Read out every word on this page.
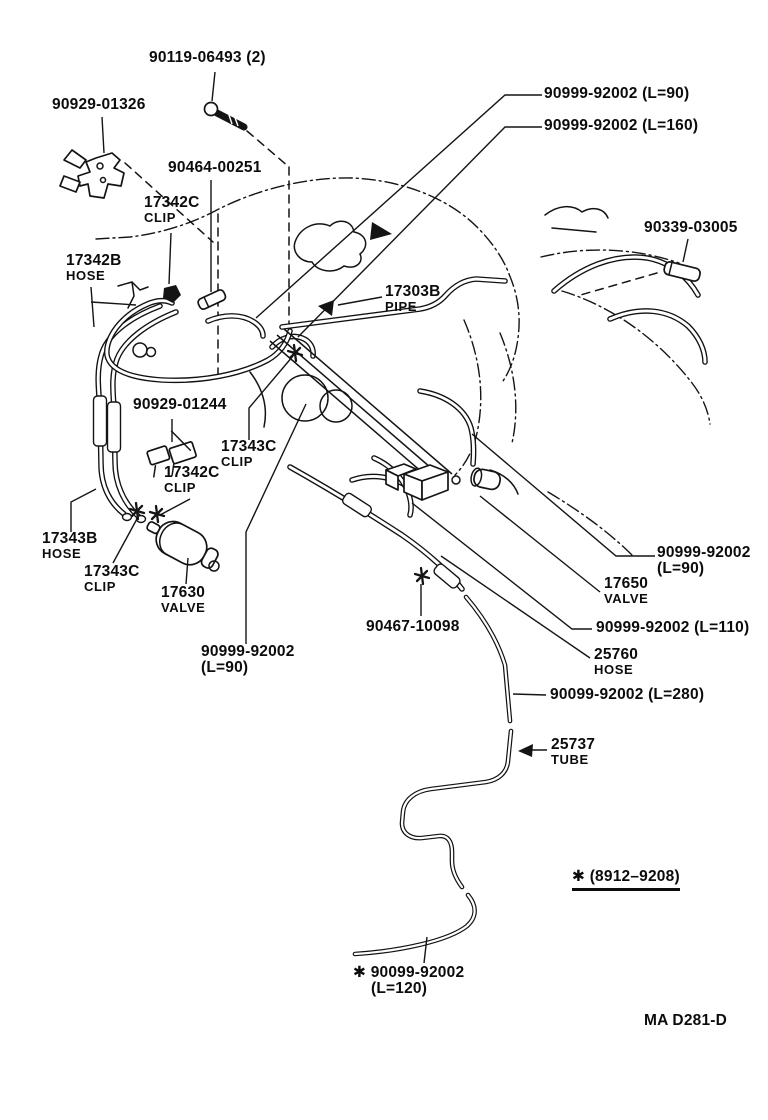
90119-06493 (2)
90929-01326
90464-00251
17342C
CLIP
17342B
HOSE
90999-92002 (L=90)
90999-92002 (L=160)
90339-03005
17303B
PIPE
90929-01244
17343C
CLIP
17342C
CLIP
17343B
HOSE
17343C
CLIP	17630
VALVE
90999-92002
(L=90)
90999-92002
(L=90)
17650
VALVE
90999-92002 (L=110)
25760
HOSE
90467-10098
90099-92002 (L=280)
25737
TUBE
✱ (8912–9208)
✱ 90099-92002
(L=120)
MA D281-D
